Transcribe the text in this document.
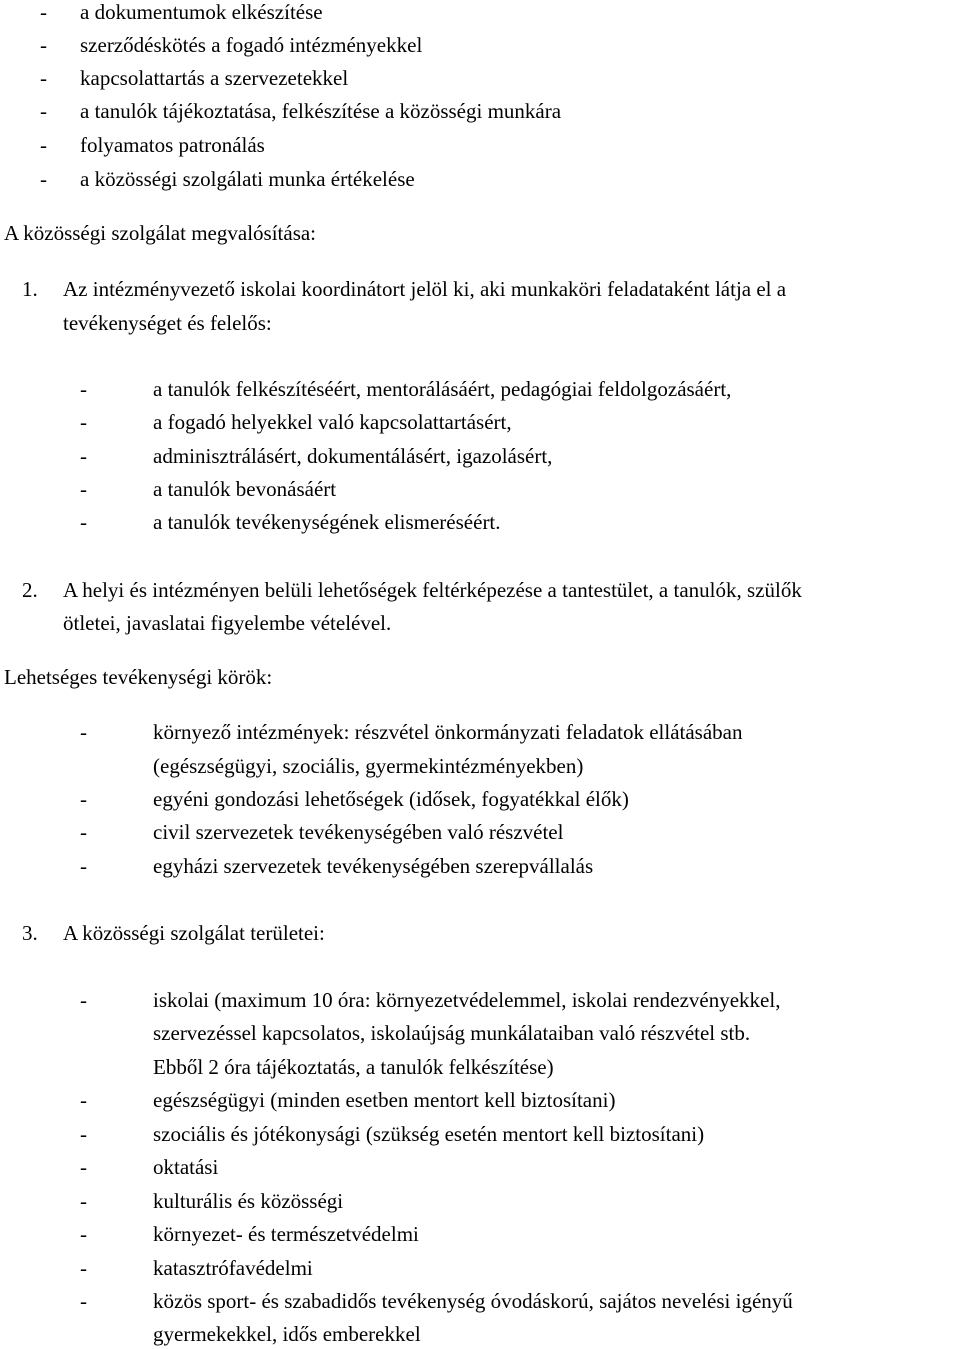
-
a dokumentumok elkészítése
-
szerződéskötés a fogadó intézményekkel
-
kapcsolattartás a szervezetekkel
-
a tanulók tájékoztatása, felkészítése a közösségi munkára
-
folyamatos patronálás
-
a közösségi szolgálati munka értékelése
A közösségi szolgálat megvalósítása:
1. Az intézményvezető iskolai koordinátort jelöl ki, aki munkaköri feladataként látja el a
tevékenységet és felelős:
-
a tanulók felkészítéséért, mentorálásáért, pedagógiai feldolgozásáért,
-
a fogadó helyekkel való kapcsolattartásért,
-
adminisztrálásért, dokumentálásért, igazolásért,
-
a tanulók bevonásáért
-
a tanulók tevékenységének elismeréséért.
2. A helyi és intézményen belüli lehetőségek feltérképezése a tantestület, a tanulók, szülők
ötletei, javaslatai figyelembe vételével.
Lehetséges tevékenységi körök:
-
környező intézmények: részvétel önkormányzati feladatok ellátásában
(egészségügyi, szociális, gyermekintézményekben)
-
egyéni gondozási lehetőségek (idősek, fogyatékkal élők)
-
civil szervezetek tevékenységében való részvétel
-
egyházi szervezetek tevékenységében szerepvállalás
3. A közösségi szolgálat területei:
-
iskolai (maximum 10 óra: környezetvédelemmel, iskolai rendezvényekkel,
szervezéssel kapcsolatos, iskolaújság munkálataiban való részvétel stb.
Ebből 2 óra tájékoztatás, a tanulók felkészítése)
-
egészségügyi (minden esetben mentort kell biztosítani)
-
szociális és jótékonysági (szükség esetén mentort kell biztosítani)
-
oktatási
-
kulturális és közösségi
-
környezet- és természetvédelmi
-
katasztrófavédelmi
-
közös sport- és szabadidős tevékenység óvodáskorú, sajátos nevelési igényű
gyermekekkel, idős emberekkel
